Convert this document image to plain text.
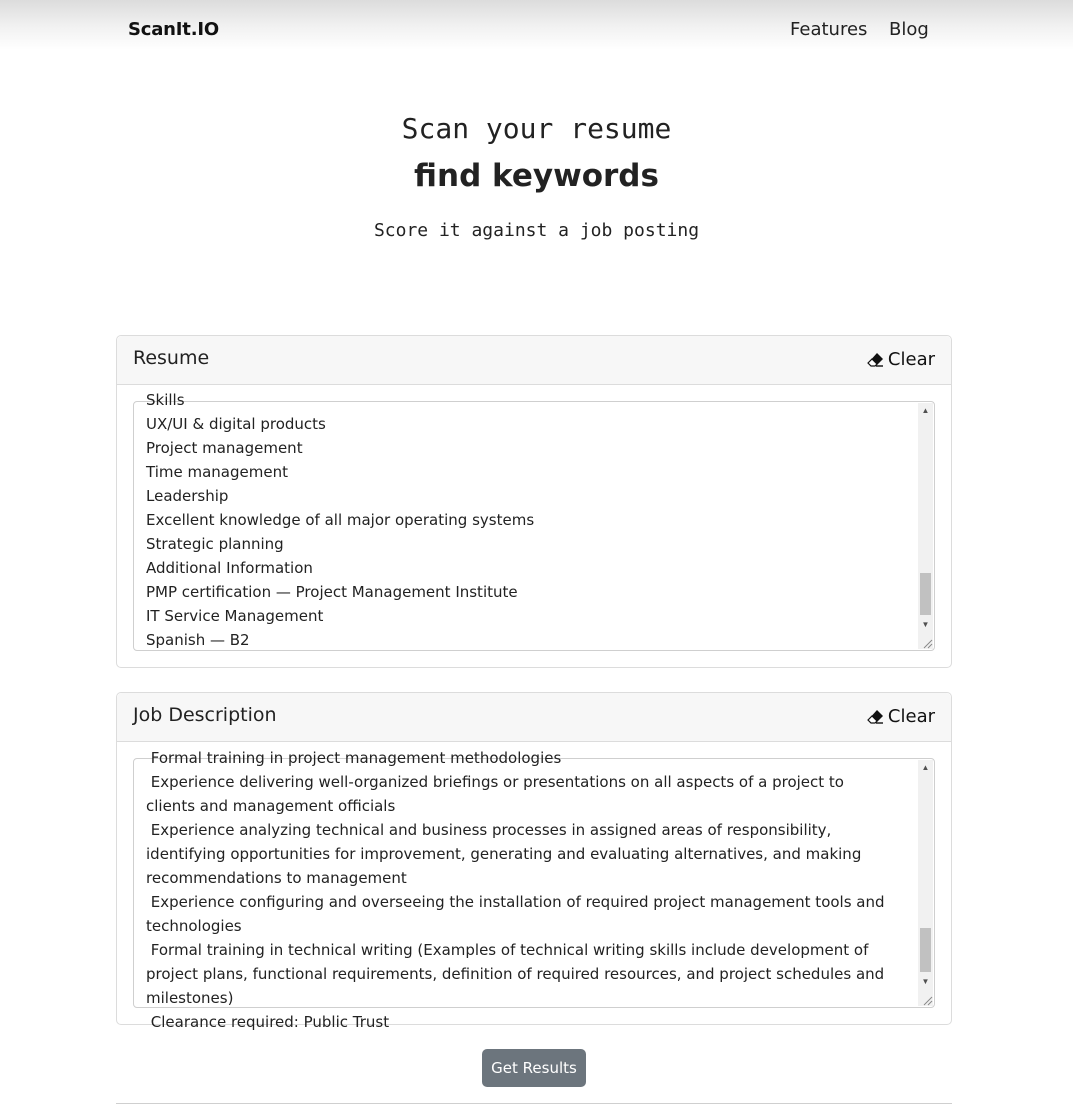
ScanIt.IO	Features Blog
Scan your resume
find keywords
Score it against a job posting
Resume	Clear
Skills
UX/UI & digital products
Project management
Time management
Leadership
Excellent knowledge of all major operating systems
Strategic planning
Additional Information
PMP certification — Project Management Institute
IT Service Management
Spanish — B2
▲
▼
Job Description	Clear
Formal training in project management methodologies
Experience delivering well-organized briefings or presentations on all aspects of a project to clients and management officials
Experience analyzing technical and business processes in assigned areas of responsibility, identifying opportunities for improvement, generating and evaluating alternatives, and making recommendations to management
Experience configuring and overseeing the installation of required project management tools and technologies
Formal training in technical writing (Examples of technical writing skills include development of project plans, functional requirements, definition of required resources, and project schedules and milestones)
Clearance required: Public Trust
▲
▼
Get Results
